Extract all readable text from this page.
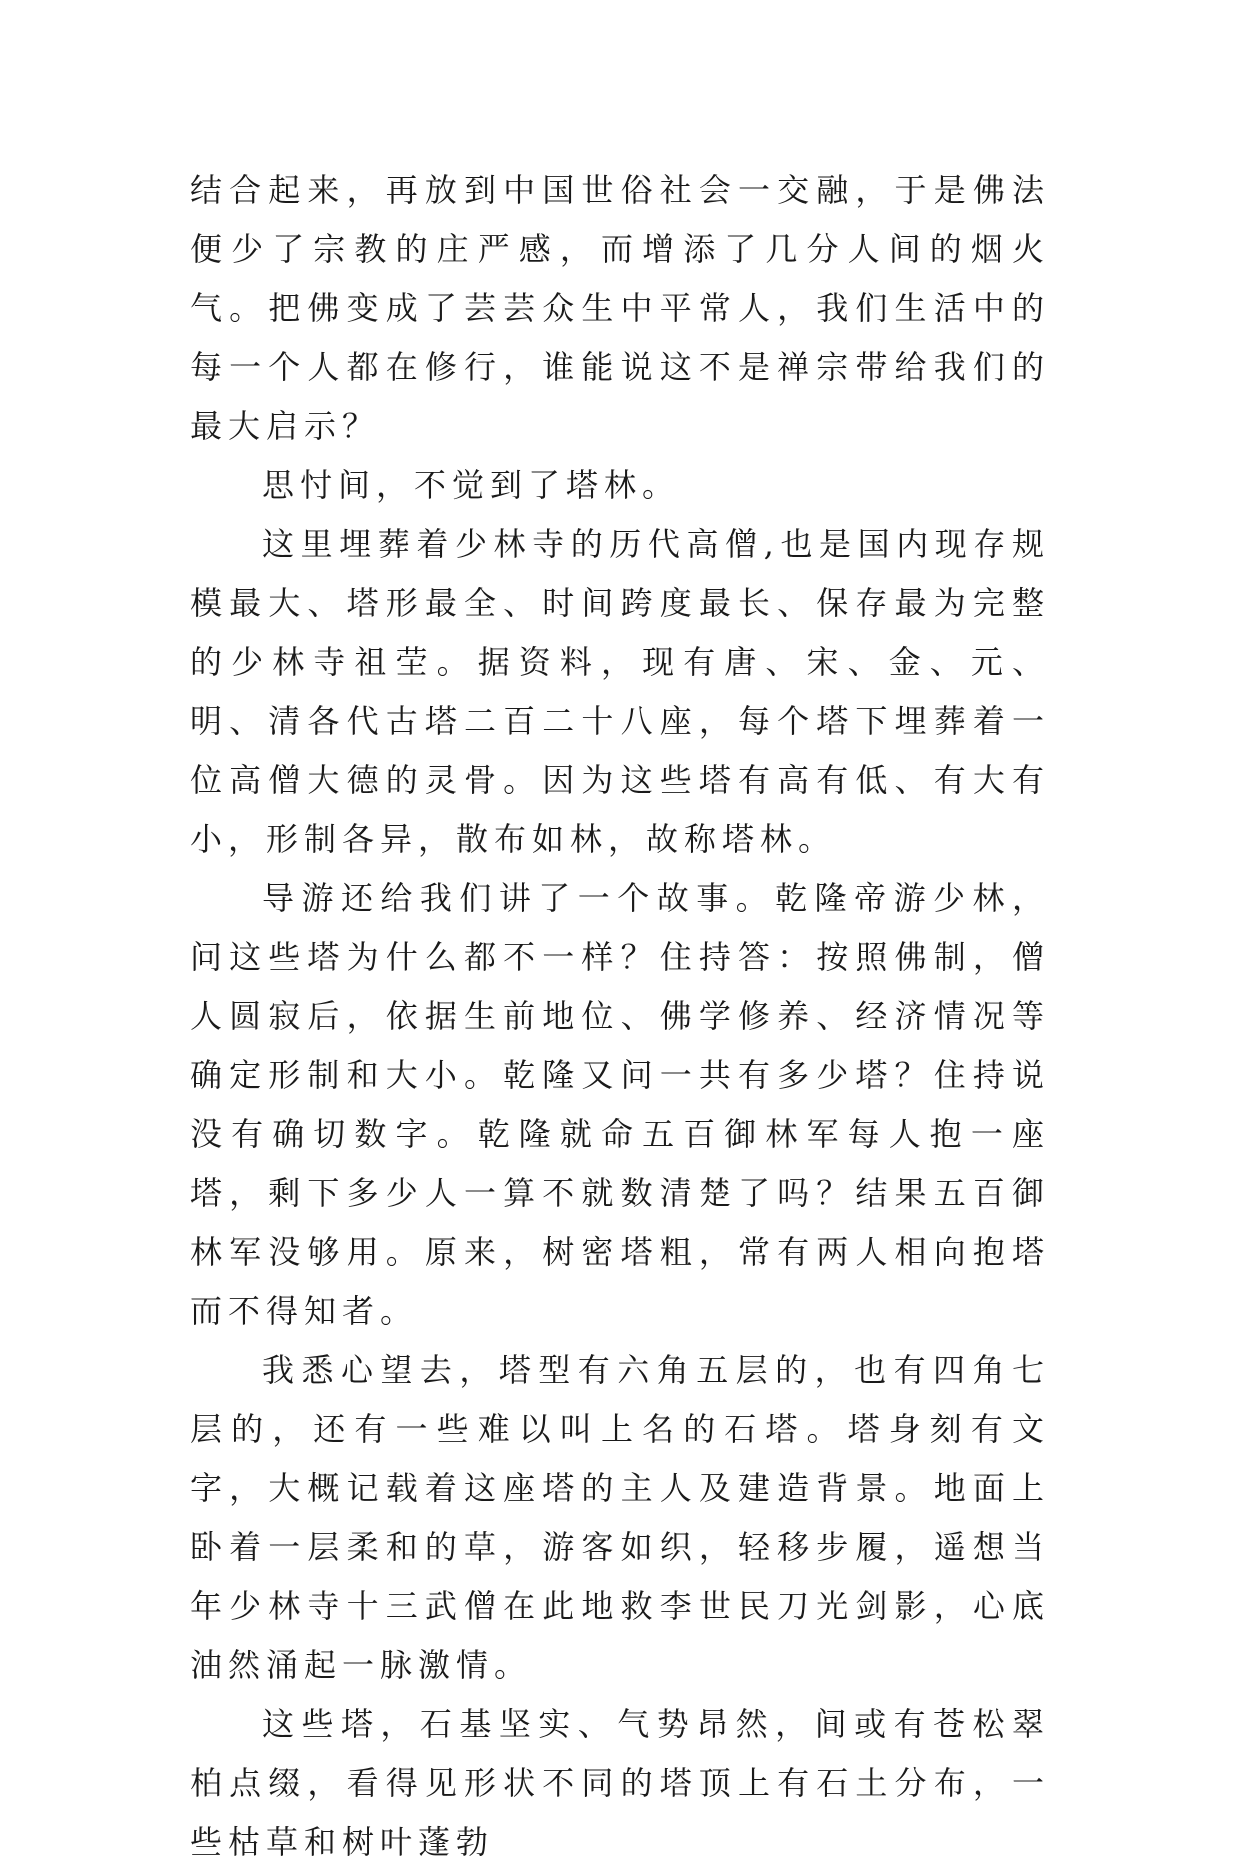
结合起来，再放到中国世俗社会一交融，于是佛法便少了宗教的庄严感，而增添了几分人间的烟火气。把佛变成了芸芸众生中平常人，我们生活中的每一个人都在修行，谁能说这不是禅宗带给我们的最大启示？

思忖间，不觉到了塔林。

这里埋葬着少林寺的历代高僧,也是国内现存规模最大、塔形最全、时间跨度最长、保存最为完整的少林寺祖茔。据资料，现有唐、宋、金、元、明、清各代古塔二百二十八座，每个塔下埋葬着一位高僧大德的灵骨。因为这些塔有高有低、有大有小，形制各异，散布如林，故称塔林。

导游还给我们讲了一个故事。乾隆帝游少林，问这些塔为什么都不一样？住持答：按照佛制，僧人圆寂后，依据生前地位、佛学修养、经济情况等确定形制和大小。乾隆又问一共有多少塔？住持说没有确切数字。乾隆就命五百御林军每人抱一座塔，剩下多少人一算不就数清楚了吗？结果五百御林军没够用。原来，树密塔粗，常有两人相向抱塔而不得知者。

我悉心望去，塔型有六角五层的，也有四角七层的，还有一些难以叫上名的石塔。塔身刻有文字，大概记载着这座塔的主人及建造背景。地面上卧着一层柔和的草，游客如织，轻移步履，遥想当年少林寺十三武僧在此地救李世民刀光剑影，心底油然涌起一脉激情。

这些塔，石基坚实、气势昂然，间或有苍松翠柏点缀，看得见形状不同的塔顶上有石土分布，一些枯草和树叶蓬勃
